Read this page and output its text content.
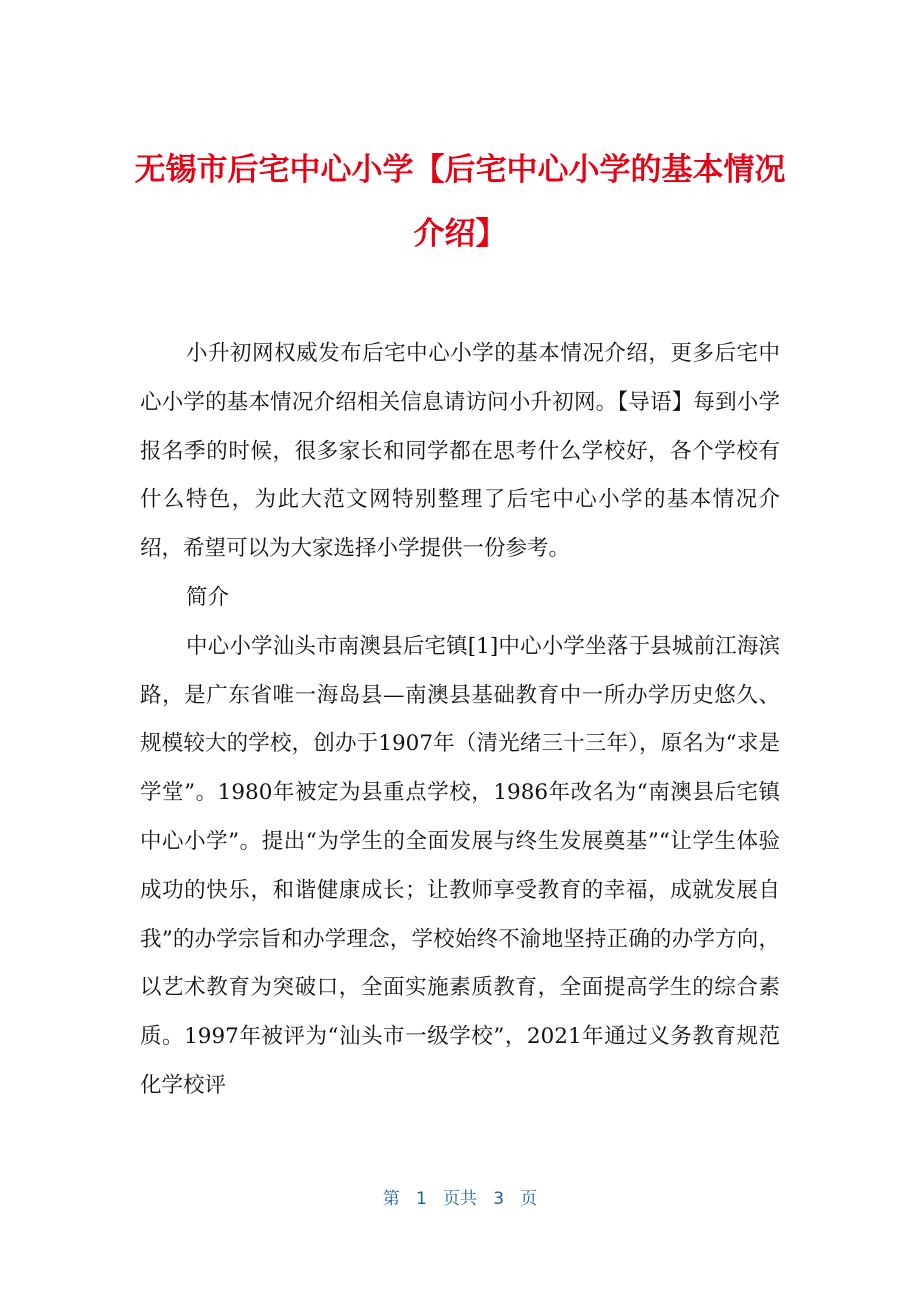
无锡市后宅中心小学【后宅中心小学的基本情况介绍】

小升初网权威发布后宅中心小学的基本情况介绍，更多后宅中心小学的基本情况介绍相关信息请访问小升初网。【导语】每到小学报名季的时候，很多家长和同学都在思考什么学校好，各个学校有什么特色，为此大范文网特别整理了后宅中心小学的基本情况介绍，希望可以为大家选择小学提供一份参考。

简介

中心小学汕头市南澳县后宅镇[1]中心小学坐落于县城前江海滨路，是广东省唯一海岛县—南澳县基础教育中一所办学历史悠久、规模较大的学校，创办于1907年（清光绪三十三年），原名为“求是学堂”。1980年被定为县重点学校，1986年改名为“南澳县后宅镇中心小学”。提出“为学生的全面发展与终生发展奠基”“让学生体验成功的快乐，和谐健康成长；让教师享受教育的幸福，成就发展自我”的办学宗旨和办学理念，学校始终不渝地坚持正确的办学方向，以艺术教育为突破口，全面实施素质教育，全面提高学生的综合素质。1997年被评为“汕头市一级学校”，2021年通过义务教育规范化学校评

第 1 页共 3 页
